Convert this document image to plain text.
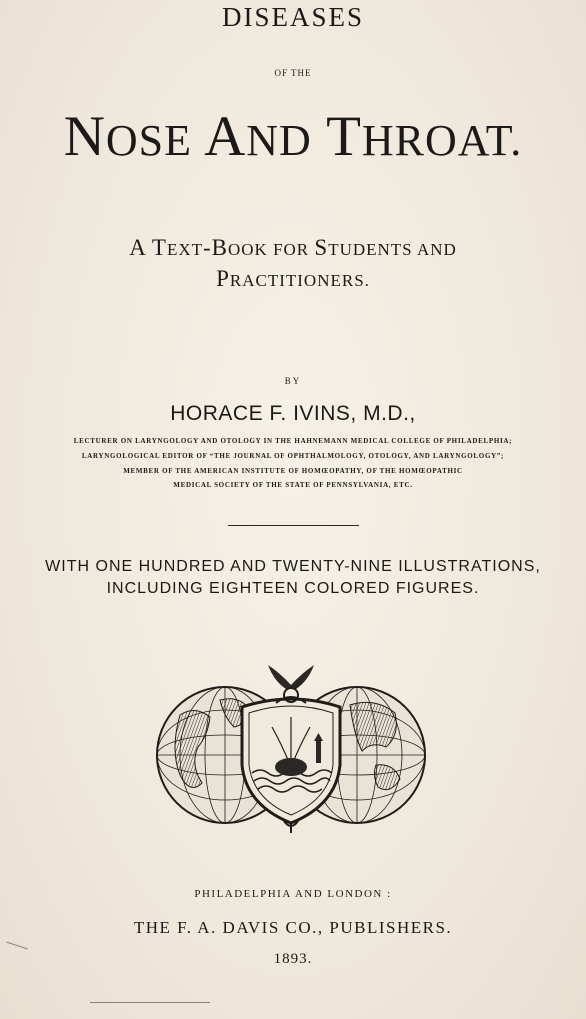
DISEASES
OF THE
NOSE AND THROAT.
A TEXT-BOOK FOR STUDENTS AND
PRACTITIONERS.
BY
HORACE F. IVINS, M.D.,
LECTURER ON LARYNGOLOGY AND OTOLOGY IN THE HAHNEMANN MEDICAL COLLEGE OF PHILADELPHIA;
LARYNGOLOGICAL EDITOR OF “THE JOURNAL OF OPHTHALMOLOGY, OTOLOGY, AND LARYNGOLOGY”;
MEMBER OF THE AMERICAN INSTITUTE OF HOMŒOPATHY, OF THE HOMŒOPATHIC
MEDICAL SOCIETY OF THE STATE OF PENNSYLVANIA, ETC.
WITH ONE HUNDRED AND TWENTY-NINE ILLUSTRATIONS,
INCLUDING EIGHTEEN COLORED FIGURES.
PHILADELPHIA AND LONDON :
THE F. A. DAVIS CO., PUBLISHERS.
1893.
